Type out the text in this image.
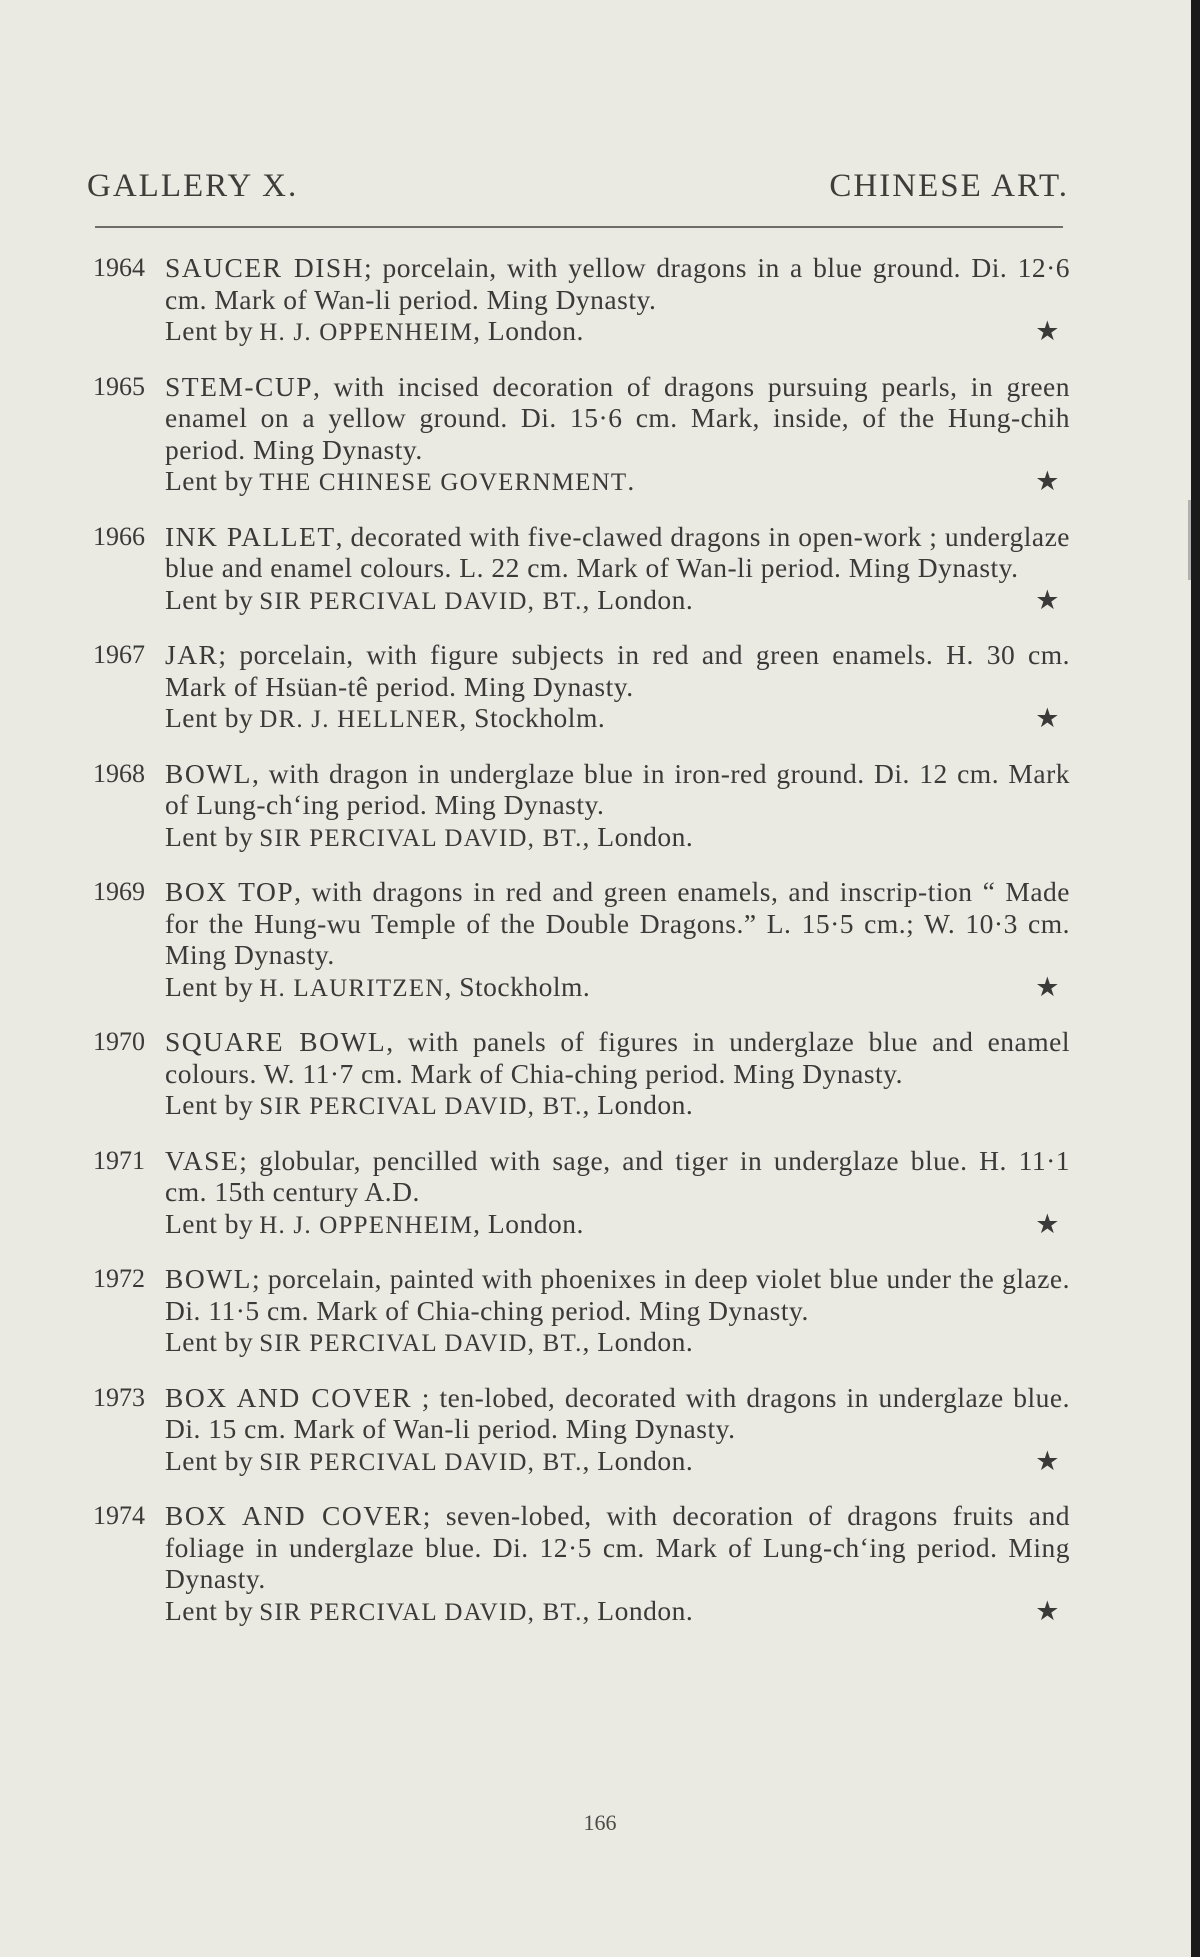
GALLERY X.	CHINESE ART.
1964 SAUCER DISH; porcelain, with yellow dragons in a blue ground. Di. 12·6 cm. Mark of Wan-li period. Ming Dynasty.
Lent by H. J. OPPENHEIM, London.	★
1965 STEM-CUP, with incised decoration of dragons pursuing pearls, in green enamel on a yellow ground. Di. 15·6 cm. Mark, inside, of the Hung-chih period. Ming Dynasty.
Lent by THE CHINESE GOVERNMENT.	★
1966 INK PALLET, decorated with five-clawed dragons in open-work ; underglaze blue and enamel colours. L. 22 cm. Mark of Wan-li period. Ming Dynasty.
Lent by SIR PERCIVAL DAVID, BT., London.	★
1967 JAR; porcelain, with figure subjects in red and green enamels. H. 30 cm. Mark of Hsüan-tê period. Ming Dynasty.
Lent by DR. J. HELLNER, Stockholm.	★
1968 BOWL, with dragon in underglaze blue in iron-red ground. Di. 12 cm. Mark of Lung-ch‘ing period. Ming Dynasty.
Lent by SIR PERCIVAL DAVID, BT., London.
1969 BOX TOP, with dragons in red and green enamels, and inscrip-tion “ Made for the Hung-wu Temple of the Double Dragons.” L. 15·5 cm.; W. 10·3 cm. Ming Dynasty.
Lent by H. LAURITZEN, Stockholm.	★
1970 SQUARE BOWL, with panels of figures in underglaze blue and enamel colours. W. 11·7 cm. Mark of Chia-ching period. Ming Dynasty.
Lent by SIR PERCIVAL DAVID, BT., London.
1971 VASE; globular, pencilled with sage, and tiger in underglaze blue. H. 11·1 cm. 15th century A.D.
Lent by H. J. OPPENHEIM, London.	★
1972 BOWL; porcelain, painted with phoenixes in deep violet blue under the glaze. Di. 11·5 cm. Mark of Chia-ching period. Ming Dynasty.
Lent by SIR PERCIVAL DAVID, BT., London.
1973 BOX AND COVER ; ten-lobed, decorated with dragons in underglaze blue. Di. 15 cm. Mark of Wan-li period. Ming Dynasty.
Lent by SIR PERCIVAL DAVID, BT., London.	★
1974 BOX AND COVER; seven-lobed, with decoration of dragons fruits and foliage in underglaze blue. Di. 12·5 cm. Mark of Lung-ch‘ing period. Ming Dynasty.
Lent by SIR PERCIVAL DAVID, BT., London.	★
166
